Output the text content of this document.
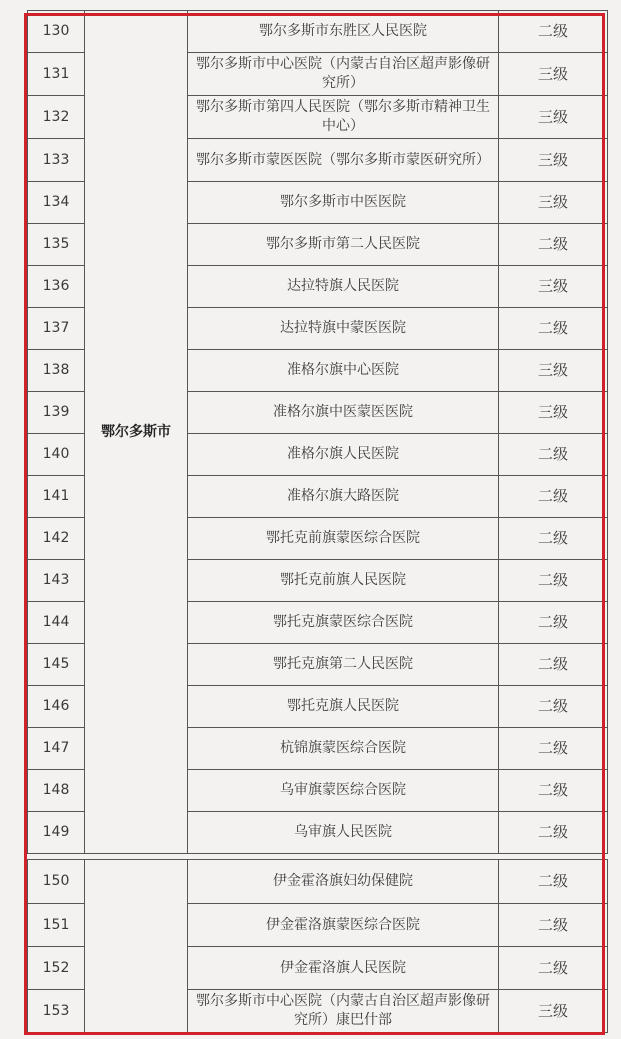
130	鄂尔多斯市	鄂尔多斯市东胜区人民医院	二级
131		鄂尔多斯市中心医院（内蒙古自治区超声影像研究所）	三级
132		鄂尔多斯市第四人民医院（鄂尔多斯市精神卫生中心）	三级
133		鄂尔多斯市蒙医医院（鄂尔多斯市蒙医研究所）	三级
134		鄂尔多斯市中医医院	三级
135		鄂尔多斯市第二人民医院	二级
136		达拉特旗人民医院	三级
137		达拉特旗中蒙医医院	二级
138		准格尔旗中心医院	三级
139		准格尔旗中医蒙医医院	三级
140		准格尔旗人民医院	二级
141		准格尔旗大路医院	二级
142		鄂托克前旗蒙医综合医院	二级
143		鄂托克前旗人民医院	二级
144		鄂托克旗蒙医综合医院	二级
145		鄂托克旗第二人民医院	二级
146		鄂托克旗人民医院	二级
147		杭锦旗蒙医综合医院	二级
148		乌审旗蒙医综合医院	二级
149		乌审旗人民医院	二级

150		伊金霍洛旗妇幼保健院	二级
151		伊金霍洛旗蒙医综合医院	二级
152		伊金霍洛旗人民医院	二级
153		鄂尔多斯市中心医院（内蒙古自治区超声影像研究所）康巴什部	三级
